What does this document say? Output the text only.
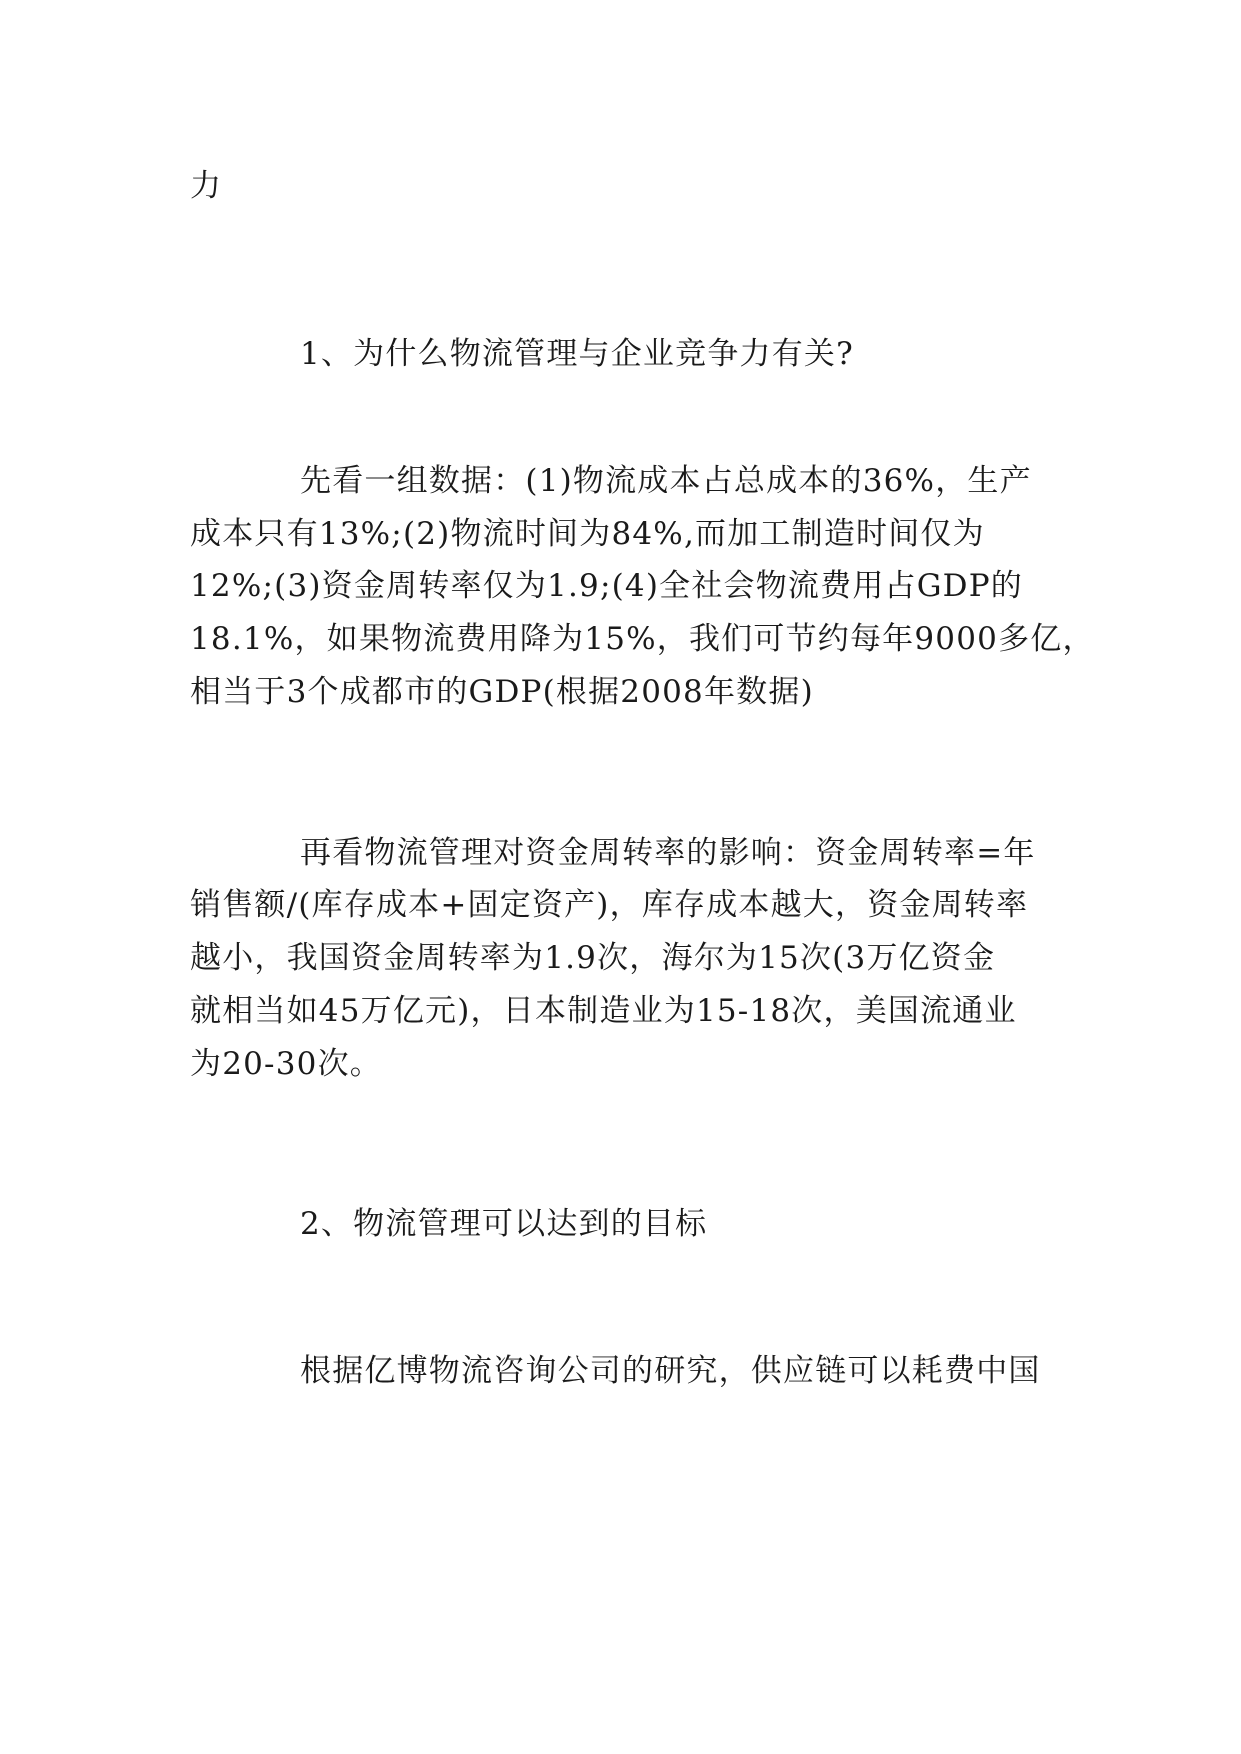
力
1、为什么物流管理与企业竞争力有关?
先看一组数据：(1)物流成本占总成本的36%，生产
成本只有13%;(2)物流时间为84%,而加工制造时间仅为
12%;(3)资金周转率仅为1.9;(4)全社会物流费用占GDP的
18.1%，如果物流费用降为15%，我们可节约每年9000多亿，
相当于3个成都市的GDP(根据2008年数据)
再看物流管理对资金周转率的影响：资金周转率=年
销售额/(库存成本+固定资产)，库存成本越大，资金周转率
越小，我国资金周转率为1.9次，海尔为15次(3万亿资金
就相当如45万亿元)，日本制造业为15-18次，美国流通业
为20-30次。
2、物流管理可以达到的目标
根据亿博物流咨询公司的研究，供应链可以耗费中国
